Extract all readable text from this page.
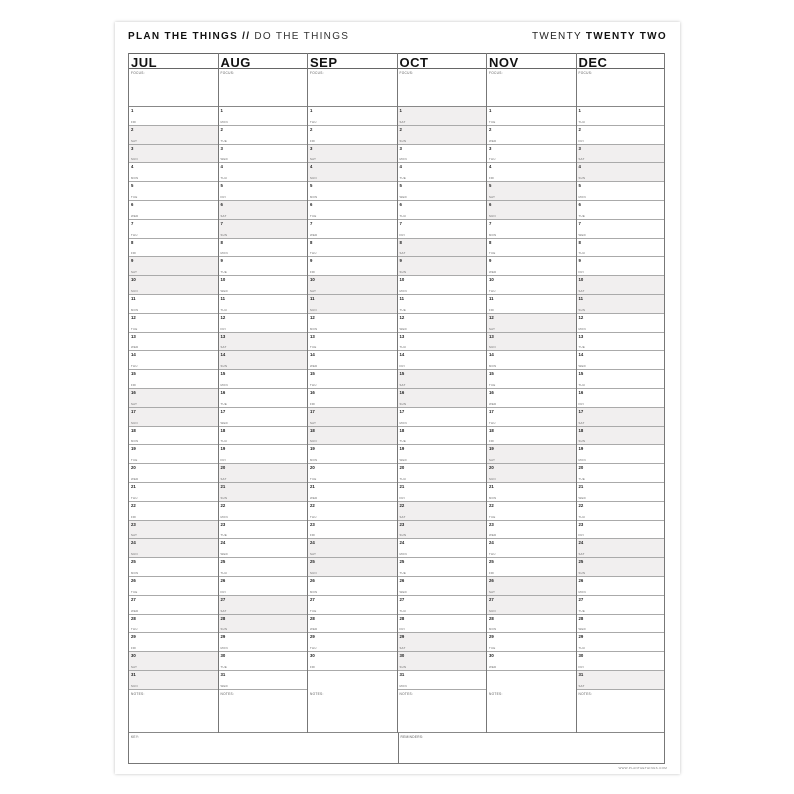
PLAN THE THINGS // DO THE THINGS	TWENTY TWENTY TWO
JUL
FOCUS:
1
FRI
2
SAT
3
SUN
4
MON
5
TUE
6
WED
7
THU
8
FRI
9
SAT
10
SUN
11
MON
12
TUE
13
WED
14
THU
15
FRI
16
SAT
17
SUN
18
MON
19
TUE
20
WED
21
THU
22
FRI
23
SAT
24
SUN
25
MON
26
TUE
27
WED
28
THU
29
FRI
30
SAT
31
SUN
NOTES:
AUG
FOCUS:
1
MON
2
TUE
3
WED
4
THU
5
FRI
6
SAT
7
SUN
8
MON
9
TUE
10
WED
11
THU
12
FRI
13
SAT
14
SUN
15
MON
16
TUE
17
WED
18
THU
19
FRI
20
SAT
21
SUN
22
MON
23
TUE
24
WED
25
THU
26
FRI
27
SAT
28
SUN
29
MON
30
TUE
31
WED
NOTES:
SEP
FOCUS:
1
THU
2
FRI
3
SAT
4
SUN
5
MON
6
TUE
7
WED
8
THU
9
FRI
10
SAT
11
SUN
12
MON
13
TUE
14
WED
15
THU
16
FRI
17
SAT
18
SUN
19
MON
20
TUE
21
WED
22
THU
23
FRI
24
SAT
25
SUN
26
MON
27
TUE
28
WED
29
THU
30
FRI
NOTES:
OCT
FOCUS:
1
SAT
2
SUN
3
MON
4
TUE
5
WED
6
THU
7
FRI
8
SAT
9
SUN
10
MON
11
TUE
12
WED
13
THU
14
FRI
15
SAT
16
SUN
17
MON
18
TUE
19
WED
20
THU
21
FRI
22
SAT
23
SUN
24
MON
25
TUE
26
WED
27
THU
28
FRI
29
SAT
30
SUN
31
MON
NOTES:
NOV
FOCUS:
1
TUE
2
WED
3
THU
4
FRI
5
SAT
6
SUN
7
MON
8
TUE
9
WED
10
THU
11
FRI
12
SAT
13
SUN
14
MON
15
TUE
16
WED
17
THU
18
FRI
19
SAT
20
SUN
21
MON
22
TUE
23
WED
24
THU
25
FRI
26
SAT
27
SUN
28
MON
29
TUE
30
WED
NOTES:
DEC
FOCUS:
1
THU
2
FRI
3
SAT
4
SUN
5
MON
6
TUE
7
WED
8
THU
9
FRI
10
SAT
11
SUN
12
MON
13
TUE
14
WED
15
THU
16
FRI
17
SAT
18
SUN
19
MON
20
TUE
21
WED
22
THU
23
FRI
24
SAT
25
SUN
26
MON
27
TUE
28
WED
29
THU
30
FRI
31
SAT
NOTES:
KEY:	REMINDERS:
WWW.PLANTHETHINGS.COM
